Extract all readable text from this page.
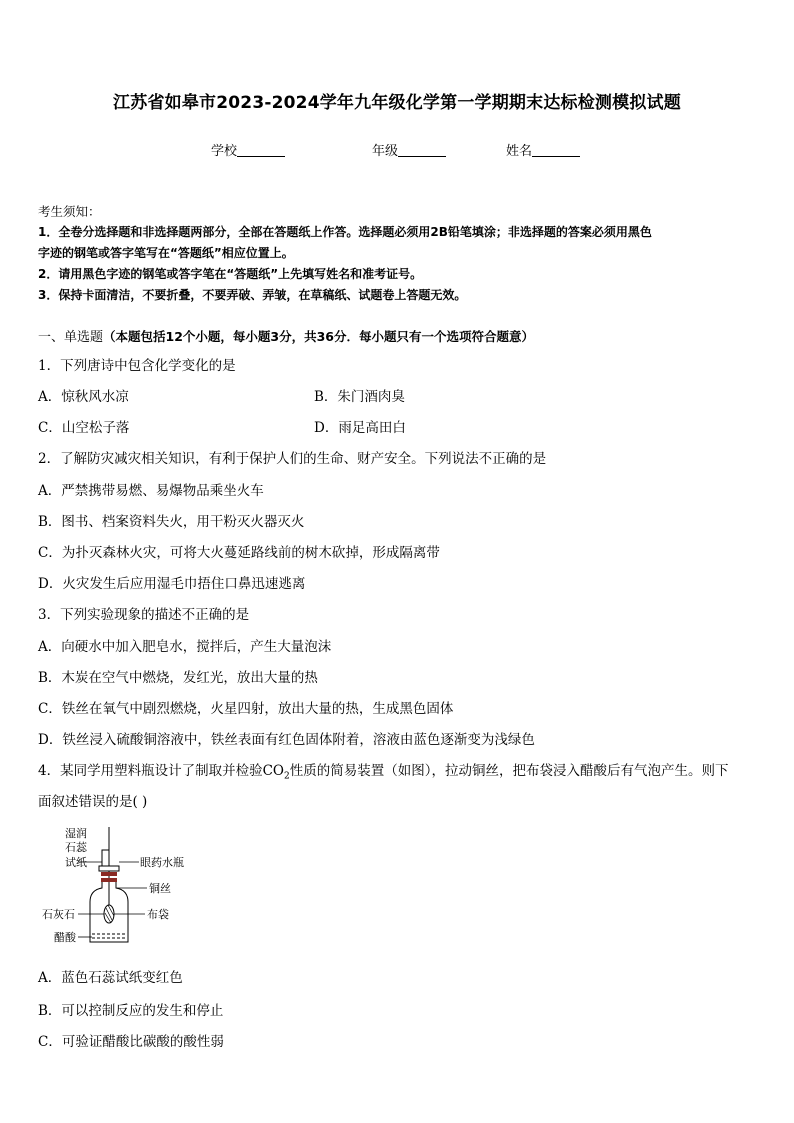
江苏省如皋市2023-2024学年九年级化学第一学期期末达标检测模拟试题
学校	年级	姓名
考生须知：
1．全卷分选择题和非选择题两部分，全部在答题纸上作答。选择题必须用2B铅笔填涂；非选择题的答案必须用黑色
字迹的钢笔或答字笔写在“答题纸”相应位置上。
2．请用黑色字迹的钢笔或答字笔在“答题纸”上先填写姓名和准考证号。
3．保持卡面清洁，不要折叠，不要弄破、弄皱，在草稿纸、试题卷上答题无效。
一、单选题（本题包括12个小题，每小题3分，共36分．每小题只有一个选项符合题意）
1．下列唐诗中包含化学变化的是
A．惊秋风水凉	B．朱门酒肉臭
C．山空松子落	D．雨足高田白
2．了解防灾减灾相关知识，有利于保护人们的生命、财产安全。下列说法不正确的是
A．严禁携带易燃、易爆物品乘坐火车
B．图书、档案资料失火，用干粉灭火器灭火
C．为扑灭森林火灾，可将大火蔓延路线前的树木砍掉，形成隔离带
D．火灾发生后应用湿毛巾捂住口鼻迅速逃离
3．下列实验现象的描述不正确的是
A．向硬水中加入肥皂水，搅拌后，产生大量泡沫
B．木炭在空气中燃烧，发红光，放出大量的热
C．铁丝在氧气中剧烈燃烧，火星四射，放出大量的热，生成黑色固体
D．铁丝浸入硫酸铜溶液中，铁丝表面有红色固体附着，溶液由蓝色逐渐变为浅绿色
4．某同学用塑料瓶设计了制取并检验$CO_2$性质的简易装置（如图），拉动铜丝，把布袋浸入醋酸后有气泡产生。则下
面叙述错误的是( )
湿润
石蕊
试纸	眼药水瓶
铜丝
石灰石	布袋
醋酸
A．蓝色石蕊试纸变红色
B．可以控制反应的发生和停止
C．可验证醋酸比碳酸的酸性弱
